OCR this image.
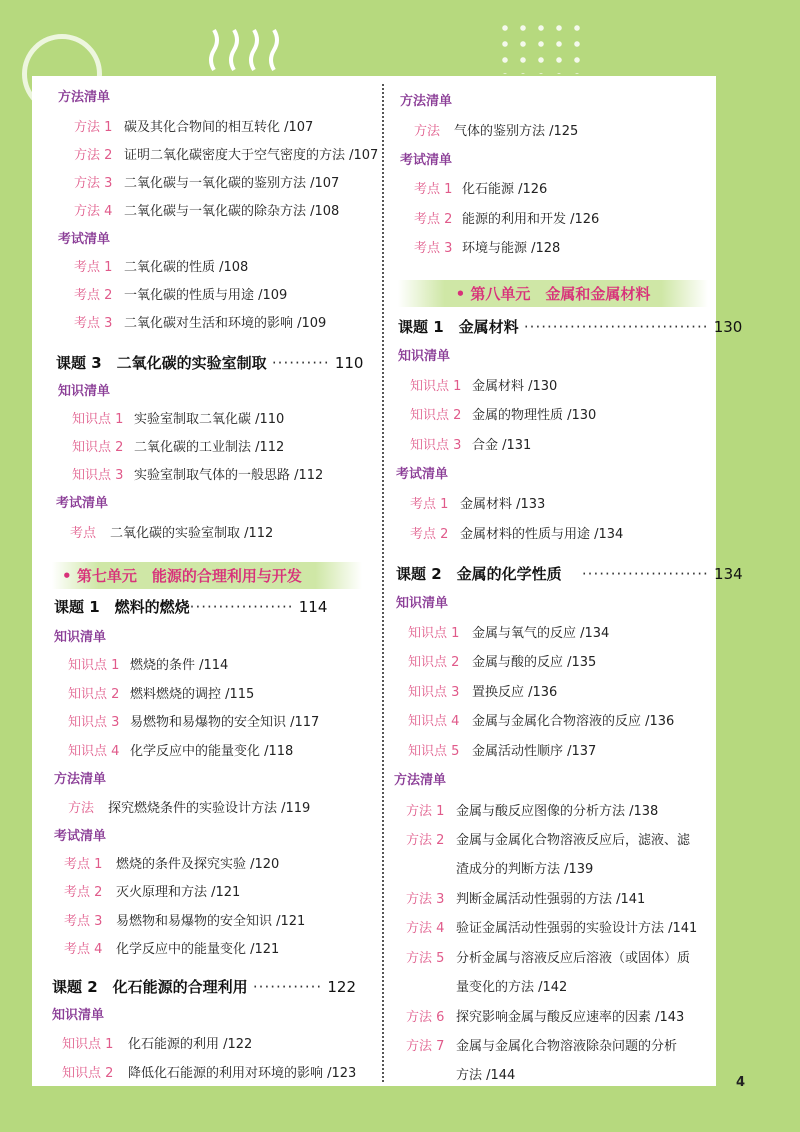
方法清单
方法 1 碳及其化合物间的相互转化 /107
方法 2 证明二氧化碳密度大于空气密度的方法 /107
方法 3 二氧化碳与一氧化碳的鉴别方法 /107
方法 4 二氧化碳与一氧化碳的除杂方法 /108
考试清单
考点 1 二氧化碳的性质 /108
考点 2 一氧化碳的性质与用途 /109
考点 3 二氧化碳对生活和环境的影响 /109
课题 3　二氧化碳的实验室制取 ·········· 110
知识清单
知识点 1 实验室制取二氧化碳 /110
知识点 2 二氧化碳的工业制法 /112
知识点 3 实验室制取气体的一般思路 /112
考试清单
考点 二氧化碳的实验室制取 /112
• 第七单元　能源的合理利用与开发
课题 1　燃料的燃烧·················· 114
知识清单
知识点 1 燃烧的条件 /114
知识点 2 燃料燃烧的调控 /115
知识点 3 易燃物和易爆物的安全知识 /117
知识点 4 化学反应中的能量变化 /118
方法清单
方法 探究燃烧条件的实验设计方法 /119
考试清单
考点 1 燃烧的条件及探究实验 /120
考点 2 灭火原理和方法 /121
考点 3 易燃物和易爆物的安全知识 /121
考点 4 化学反应中的能量变化 /121
课题 2　化石能源的合理利用 ············ 122
知识清单
知识点 1 化石能源的利用 /122
知识点 2 降低化石能源的利用对环境的影响 /123
方法清单
方法 气体的鉴别方法 /125
考试清单
考点 1 化石能源 /126
考点 2 能源的利用和开发 /126
考点 3 环境与能源 /128
• 第八单元　金属和金属材料
课题 1　金属材料 ································ 130
知识清单
知识点 1 金属材料 /130
知识点 2 金属的物理性质 /130
知识点 3 合金 /131
考试清单
考点 1 金属材料 /133
考点 2 金属材料的性质与用途 /134
课题 2　金属的化学性质　 ······················ 134
知识清单
知识点 1 金属与氧气的反应 /134
知识点 2 金属与酸的反应 /135
知识点 3 置换反应 /136
知识点 4 金属与金属化合物溶液的反应 /136
知识点 5 金属活动性顺序 /137
方法清单
方法 1 金属与酸反应图像的分析方法 /138
方法 2 金属与金属化合物溶液反应后，滤液、滤
渣成分的判断方法 /139
方法 3 判断金属活动性强弱的方法 /141
方法 4 验证金属活动性强弱的实验设计方法 /141
方法 5 分析金属与溶液反应后溶液（或固体）质
量变化的方法 /142
方法 6 探究影响金属与酸反应速率的因素 /143
方法 7 金属与金属化合物溶液除杂问题的分析
方法 /144	4
